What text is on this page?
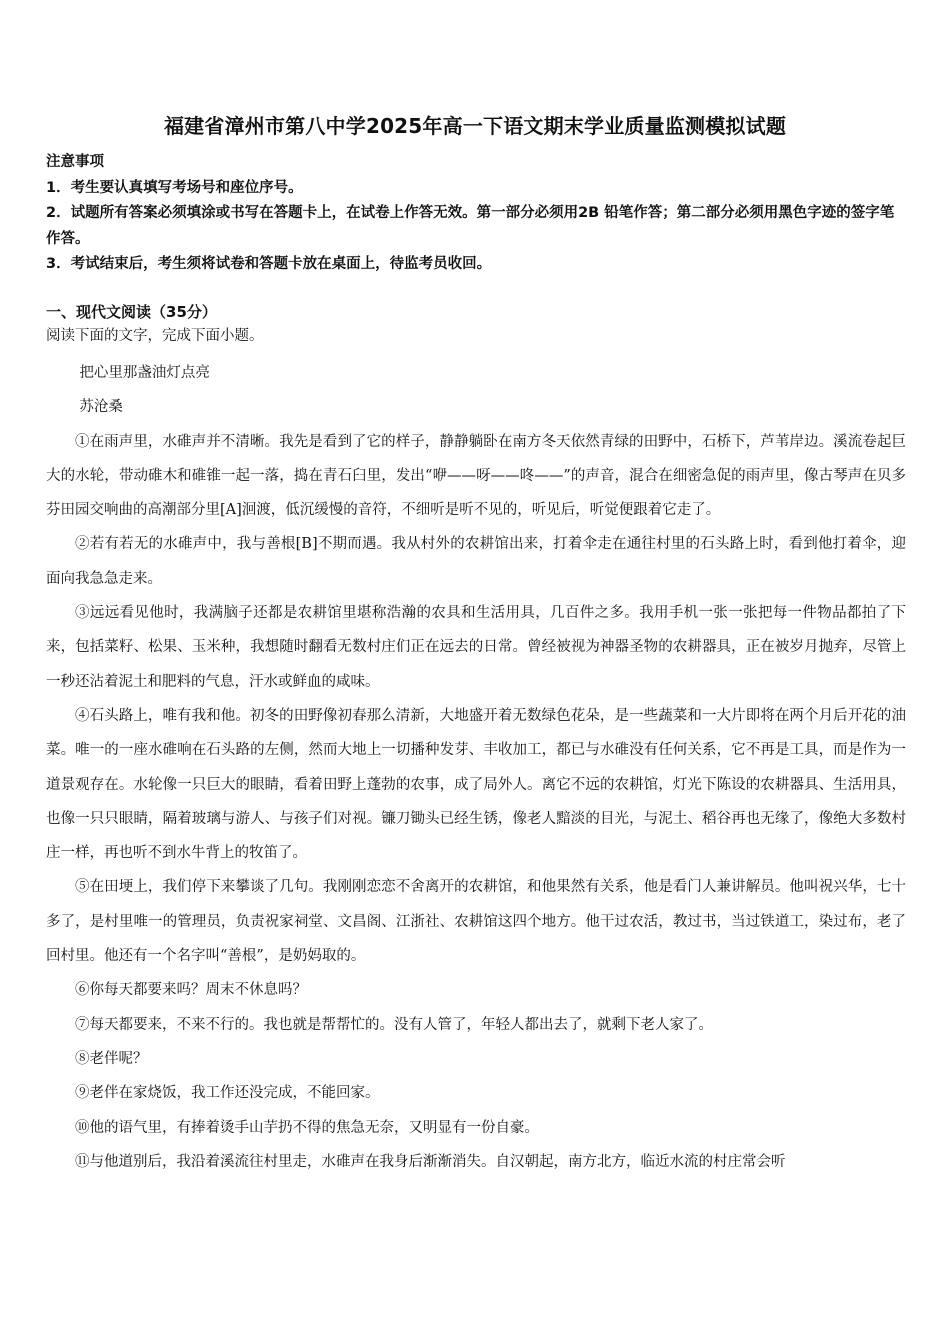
福建省漳州市第八中学2025年高一下语文期末学业质量监测模拟试题

注意事项

1．考生要认真填写考场号和座位序号。

2．试题所有答案必须填涂或书写在答题卡上，在试卷上作答无效。第一部分必须用2B 铅笔作答；第二部分必须用黑色字迹的签字笔作答。

3．考试结束后，考生须将试卷和答题卡放在桌面上，待监考员收回。

一、现代文阅读（35分）

阅读下面的文字，完成下面小题。

把心里那盏油灯点亮

苏沧桑

①在雨声里，水碓声并不清晰。我先是看到了它的样子，静静躺卧在南方冬天依然青绿的田野中，石桥下，芦苇岸边。溪流卷起巨大的水轮，带动碓木和碓锥一起一落，捣在青石臼里，发出“咿——呀——咚——”的声音，混合在细密急促的雨声里，像古琴声在贝多芬田园交响曲的高潮部分里[A]洄渡，低沉缓慢的音符，不细听是听不见的，听见后，听觉便跟着它走了。

②若有若无的水碓声中，我与善根[B]不期而遇。我从村外的农耕馆出来，打着伞走在通往村里的石头路上时，看到他打着伞，迎面向我急急走来。

③远远看见他时，我满脑子还都是农耕馆里堪称浩瀚的农具和生活用具，几百件之多。我用手机一张一张把每一件物品都拍了下来，包括菜籽、松果、玉米种，我想随时翻看无数村庄们正在远去的日常。曾经被视为神器圣物的农耕器具，正在被岁月抛弃，尽管上一秒还沾着泥土和肥料的气息，汗水或鲜血的咸味。

④石头路上，唯有我和他。初冬的田野像初春那么清新，大地盛开着无数绿色花朵，是一些蔬菜和一大片即将在两个月后开花的油菜。唯一的一座水碓响在石头路的左侧，然而大地上一切播种发芽、丰收加工，都已与水碓没有任何关系，它不再是工具，而是作为一道景观存在。水轮像一只巨大的眼睛，看着田野上蓬勃的农事，成了局外人。离它不远的农耕馆，灯光下陈设的农耕器具、生活用具，也像一只只眼睛，隔着玻璃与游人、与孩子们对视。镰刀锄头已经生锈，像老人黯淡的目光，与泥土、稻谷再也无缘了，像绝大多数村庄一样，再也听不到水牛背上的牧笛了。

⑤在田埂上，我们停下来攀谈了几句。我刚刚恋恋不舍离开的农耕馆，和他果然有关系，他是看门人兼讲解员。他叫祝兴华，七十多了，是村里唯一的管理员，负责祝家祠堂、文昌阁、江浙社、农耕馆这四个地方。他干过农活，教过书，当过铁道工，染过布，老了回村里。他还有一个名字叫“善根”，是奶妈取的。

⑥你每天都要来吗？周末不休息吗？

⑦每天都要来，不来不行的。我也就是帮帮忙的。没有人管了，年轻人都出去了，就剩下老人家了。

⑧老伴呢？

⑨老伴在家烧饭，我工作还没完成，不能回家。

⑩他的语气里，有捧着烫手山芋扔不得的焦急无奈，又明显有一份自豪。

⑪与他道别后，我沿着溪流往村里走，水碓声在我身后渐渐消失。自汉朝起，南方北方，临近水流的村庄常会听
